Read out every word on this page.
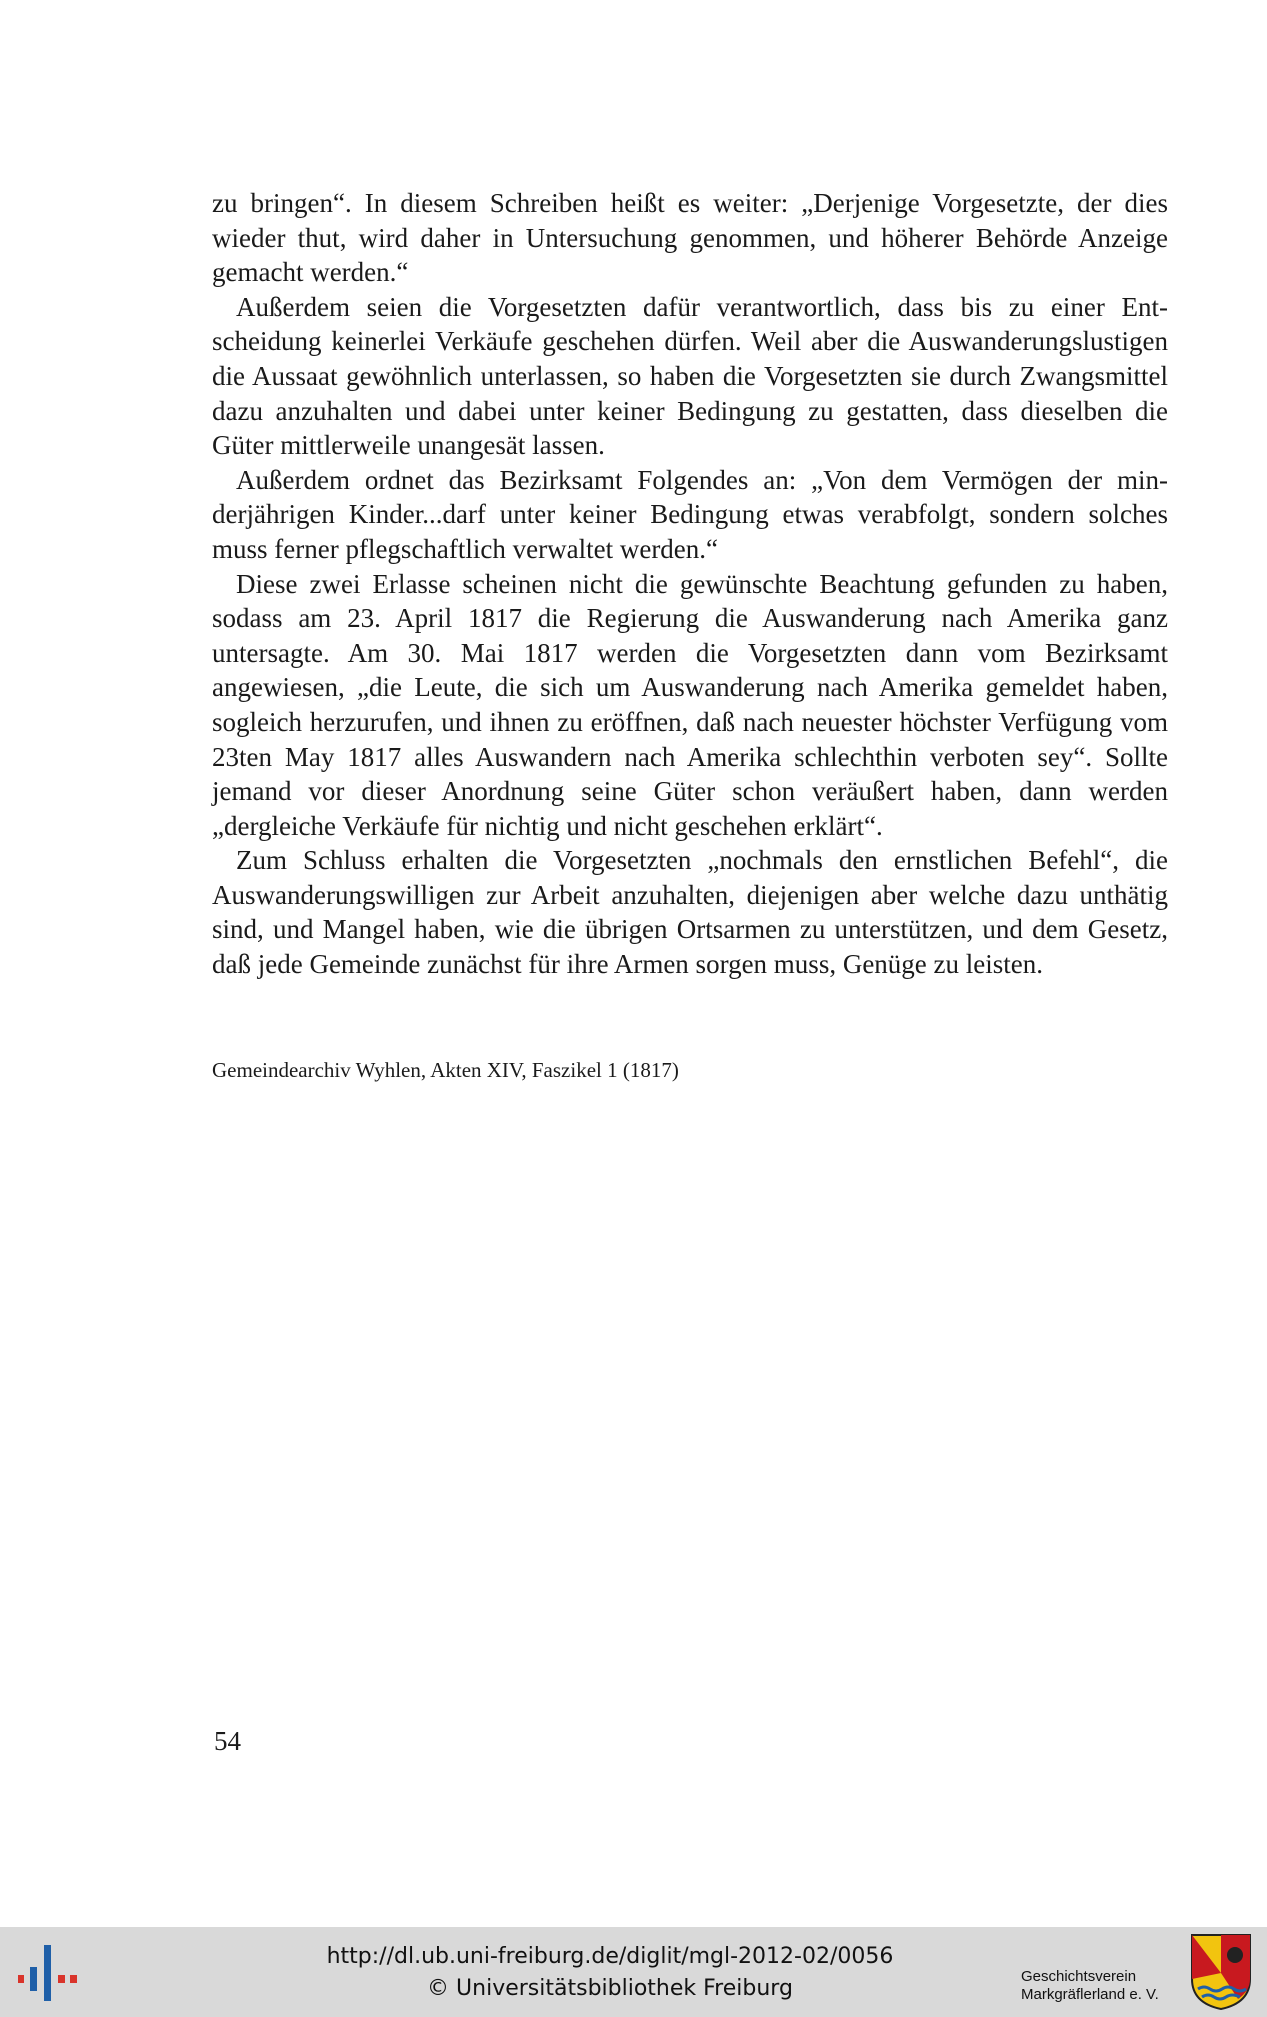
zu bringen“. In diesem Schreiben heißt es weiter: „Derjenige Vorgesetzte, der dies wieder thut, wird daher in Untersuchung genommen, und höherer Behörde Anzeige gemacht werden.“

Außerdem seien die Vorgesetzten dafür verantwortlich, dass bis zu einer Entscheidung keinerlei Verkäufe geschehen dürfen. Weil aber die Auswanderungslustigen die Aussaat gewöhnlich unterlassen, so haben die Vorgesetzten sie durch Zwangsmittel dazu anzuhalten und dabei unter keiner Bedingung zu gestatten, dass dieselben die Güter mittlerweile unangesät lassen.

Außerdem ordnet das Bezirksamt Folgendes an: „Von dem Vermögen der minderjährigen Kinder...darf unter keiner Bedingung etwas verabfolgt, sondern solches muss ferner pflegschaftlich verwaltet werden.“

Diese zwei Erlasse scheinen nicht die gewünschte Beachtung gefunden zu haben, sodass am 23. April 1817 die Regierung die Auswanderung nach Amerika ganz untersagte. Am 30. Mai 1817 werden die Vorgesetzten dann vom Bezirksamt angewiesen, „die Leute, die sich um Auswanderung nach Amerika gemeldet haben, sogleich herzurufen, und ihnen zu eröffnen, daß nach neuester höchster Verfügung vom 23ten May 1817 alles Auswandern nach Amerika schlechthin verboten sey“. Sollte jemand vor dieser Anordnung seine Güter schon veräußert haben, dann werden „dergleiche Verkäufe für nichtig und nicht geschehen erklärt“.

Zum Schluss erhalten die Vorgesetzten „nochmals den ernstlichen Befehl“, die Auswanderungswilligen zur Arbeit anzuhalten, diejenigen aber welche dazu unthätig sind, und Mangel haben, wie die übrigen Ortsarmen zu unterstützen, und dem Gesetz, daß jede Gemeinde zunächst für ihre Armen sorgen muss, Genüge zu leisten.

Gemeindearchiv Wyhlen, Akten XIV, Faszikel 1 (1817)
54
http://dl.ub.uni-freiburg.de/diglit/mgl-2012-02/0056
© Universitätsbibliothek Freiburg	Geschichtsverein
Markgräflerland e. V.
